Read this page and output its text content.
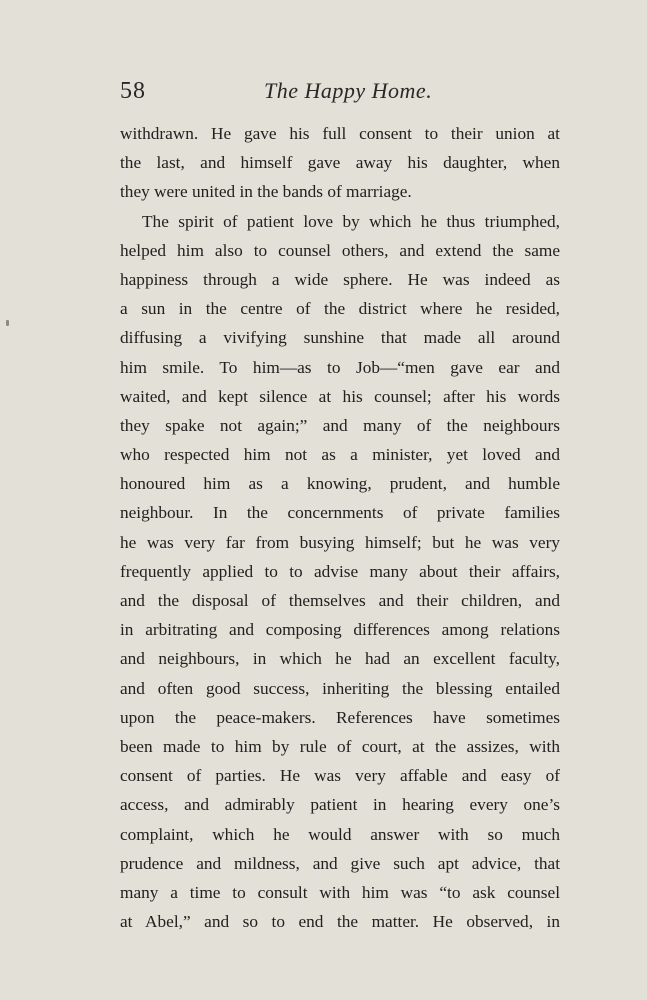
58	The Happy Home.
withdrawn. He gave his full consent to their union at
the last, and himself gave away his daughter, when
they were united in the bands of marriage.
The spirit of patient love by which he thus triumphed,
helped him also to counsel others, and extend the same
happiness through a wide sphere. He was indeed as
a sun in the centre of the district where he resided,
diffusing a vivifying sunshine that made all around
him smile. To him—as to Job—“men gave ear and
waited, and kept silence at his counsel; after his words
they spake not again;” and many of the neighbours
who respected him not as a minister, yet loved and
honoured him as a knowing, prudent, and humble
neighbour. In the concernments of private families
he was very far from busying himself; but he was very
frequently applied to to advise many about their affairs,
and the disposal of themselves and their children, and
in arbitrating and composing differences among relations
and neighbours, in which he had an excellent faculty,
and often good success, inheriting the blessing entailed
upon the peace-makers. References have sometimes
been made to him by rule of court, at the assizes, with
consent of parties. He was very affable and easy of
access, and admirably patient in hearing every one’s
complaint, which he would answer with so much
prudence and mildness, and give such apt advice, that
many a time to consult with him was “to ask counsel
at Abel,” and so to end the matter. He observed, in
